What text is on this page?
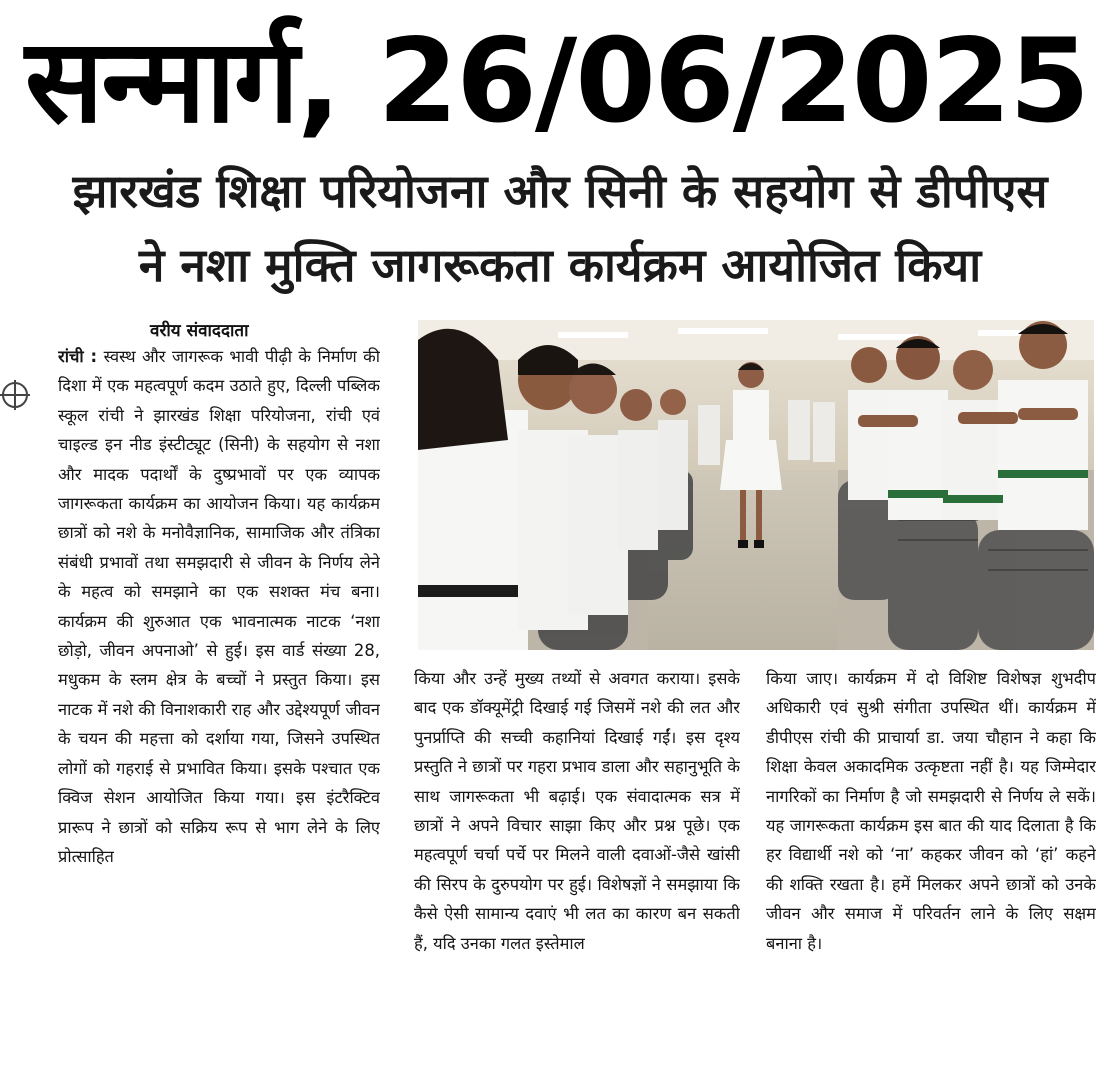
सन्मार्ग, 26/06/2025
झारखंड शिक्षा परियोजना और सिनी के सहयोग से डीपीएस
ने नशा मुक्ति जागरूकता कार्यक्रम आयोजित किया
वरीय संवाददाता
रांची : स्वस्थ और जागरूक भावी पीढ़ी के निर्माण की दिशा में एक महत्वपूर्ण कदम उठाते हुए, दिल्ली पब्लिक स्कूल रांची ने झारखंड शिक्षा परियोजना, रांची एवं चाइल्ड इन नीड इंस्टीट्यूट (सिनी) के सहयोग से नशा और मादक पदार्थों के दुष्प्रभावों पर एक व्यापक जागरूकता कार्यक्रम का आयोजन किया। यह कार्यक्रम छात्रों को नशे के मनोवैज्ञानिक, सामाजिक और तंत्रिका संबंधी प्रभावों तथा समझदारी से जीवन के निर्णय लेने के महत्व को समझाने का एक सशक्त मंच बना। कार्यक्रम की शुरुआत एक भावनात्मक नाटक ‘नशा छोड़ो, जीवन अपनाओ’ से हुई। इस वार्ड संख्या 28, मधुकम के स्लम क्षेत्र के बच्चों ने प्रस्तुत किया। इस नाटक में नशे की विनाशकारी राह और उद्देश्यपूर्ण जीवन के चयन की महत्ता को दर्शाया गया, जिसने उपस्थित लोगों को गहराई से प्रभावित किया। इसके पश्चात एक क्विज सेशन आयोजित किया गया। इस इंटरैक्टिव प्रारूप ने छात्रों को सक्रिय रूप से भाग लेने के लिए प्रोत्साहित
किया और उन्हें मुख्य तथ्यों से अवगत कराया। इसके बाद एक डॉक्यूमेंट्री दिखाई गई जिसमें नशे की लत और पुनर्प्राप्ति की सच्ची कहानियां दिखाई गईं। इस दृश्य प्रस्तुति ने छात्रों पर गहरा प्रभाव डाला और सहानुभूति के साथ जागरूकता भी बढ़ाई। एक संवादात्मक सत्र में छात्रों ने अपने विचार साझा किए और प्रश्न पूछे। एक महत्वपूर्ण चर्चा पर्चे पर मिलने वाली दवाओं-जैसे खांसी की सिरप के दुरुपयोग पर हुई। विशेषज्ञों ने समझाया कि कैसे ऐसी सामान्य दवाएं भी लत का कारण बन सकती हैं, यदि उनका गलत इस्तेमाल
किया जाए। कार्यक्रम में दो विशिष्ट विशेषज्ञ शुभदीप अधिकारी एवं सुश्री संगीता उपस्थित थीं। कार्यक्रम में डीपीएस रांची की प्राचार्या डा. जया चौहान ने कहा कि शिक्षा केवल अकादमिक उत्कृष्टता नहीं है। यह जिम्मेदार नागरिकों का निर्माण है जो समझदारी से निर्णय ले सकें। यह जागरूकता कार्यक्रम इस बात की याद दिलाता है कि हर विद्यार्थी नशे को ‘ना’ कहकर जीवन को ‘हां’ कहने की शक्ति रखता है। हमें मिलकर अपने छात्रों को उनके जीवन और समाज में परिवर्तन लाने के लिए सक्षम बनाना है।
